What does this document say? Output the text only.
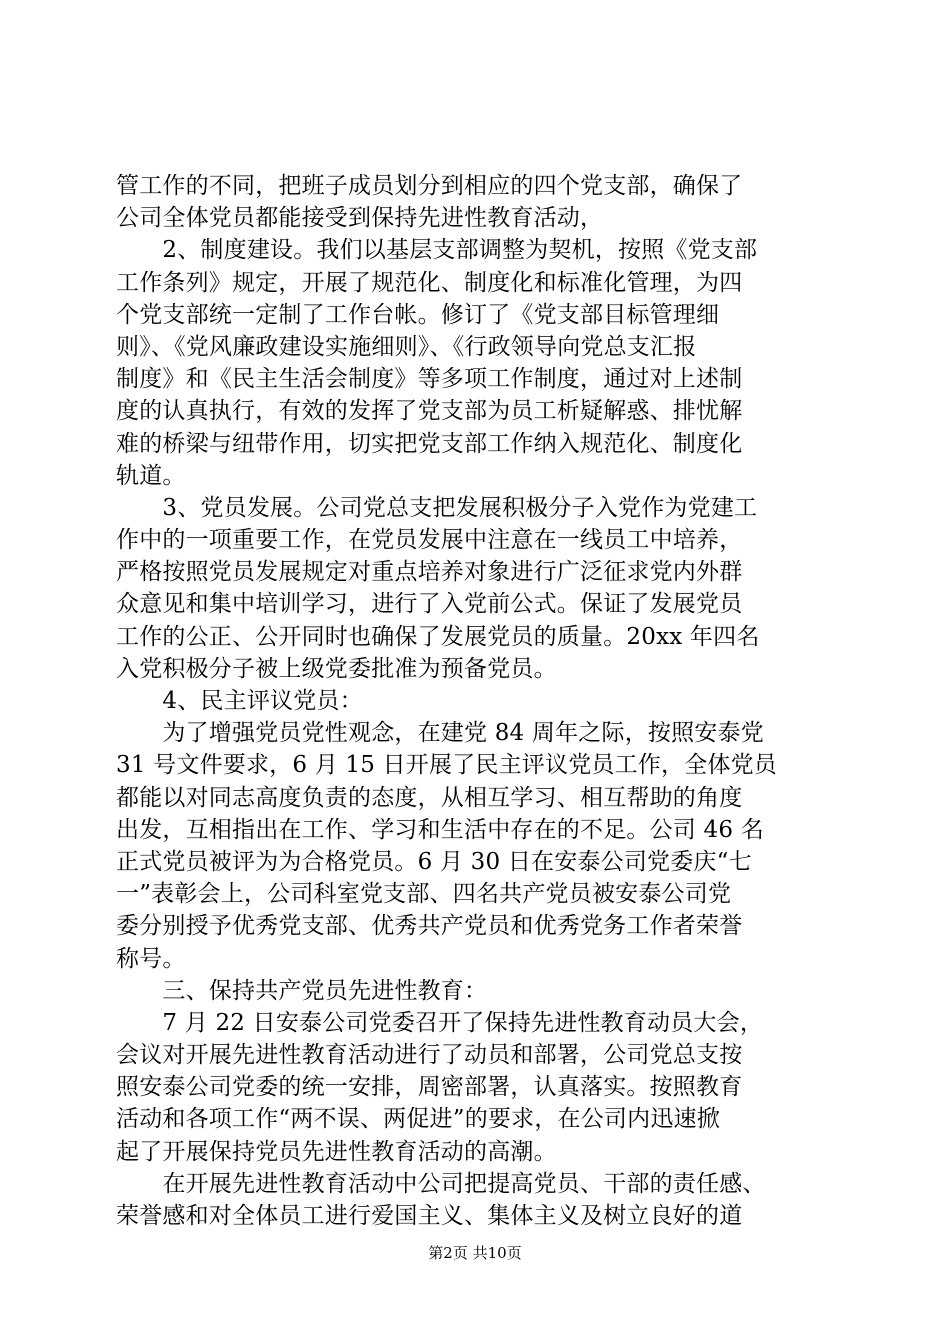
管工作的不同，把班子成员划分到相应的四个党支部，确保了
公司全体党员都能接受到保持先进性教育活动，
　　2、制度建设。我们以基层支部调整为契机，按照《党支部
工作条列》规定，开展了规范化、制度化和标准化管理，为四
个党支部统一定制了工作台帐。修订了《党支部目标管理细
则》、《党风廉政建设实施细则》、《行政领导向党总支汇报
制度》和《民主生活会制度》等多项工作制度，通过对上述制
度的认真执行，有效的发挥了党支部为员工析疑解惑、排忧解
难的桥梁与纽带作用，切实把党支部工作纳入规范化、制度化
轨道。
　　3、党员发展。公司党总支把发展积极分子入党作为党建工
作中的一项重要工作，在党员发展中注意在一线员工中培养，
严格按照党员发展规定对重点培养对象进行广泛征求党内外群
众意见和集中培训学习，进行了入党前公式。保证了发展党员
工作的公正、公开同时也确保了发展党员的质量。20xx 年四名
入党积极分子被上级党委批准为预备党员。
　　4、民主评议党员：
　　为了增强党员党性观念，在建党 84 周年之际，按照安泰党
31 号文件要求，6 月 15 日开展了民主评议党员工作，全体党员
都能以对同志高度负责的态度，从相互学习、相互帮助的角度
出发，互相指出在工作、学习和生活中存在的不足。公司 46 名
正式党员被评为为合格党员。6 月 30 日在安泰公司党委庆“七
一”表彰会上，公司科室党支部、四名共产党员被安泰公司党
委分别授予优秀党支部、优秀共产党员和优秀党务工作者荣誉
称号。
　　三、保持共产党员先进性教育：
　　7 月 22 日安泰公司党委召开了保持先进性教育动员大会，
会议对开展先进性教育活动进行了动员和部署，公司党总支按
照安泰公司党委的统一安排，周密部署，认真落实。按照教育
活动和各项工作“两不误、两促进”的要求，在公司内迅速掀
起了开展保持党员先进性教育活动的高潮。
　　在开展先进性教育活动中公司把提高党员、干部的责任感、
荣誉感和对全体员工进行爱国主义、集体主义及树立良好的道
第2页 共10页
